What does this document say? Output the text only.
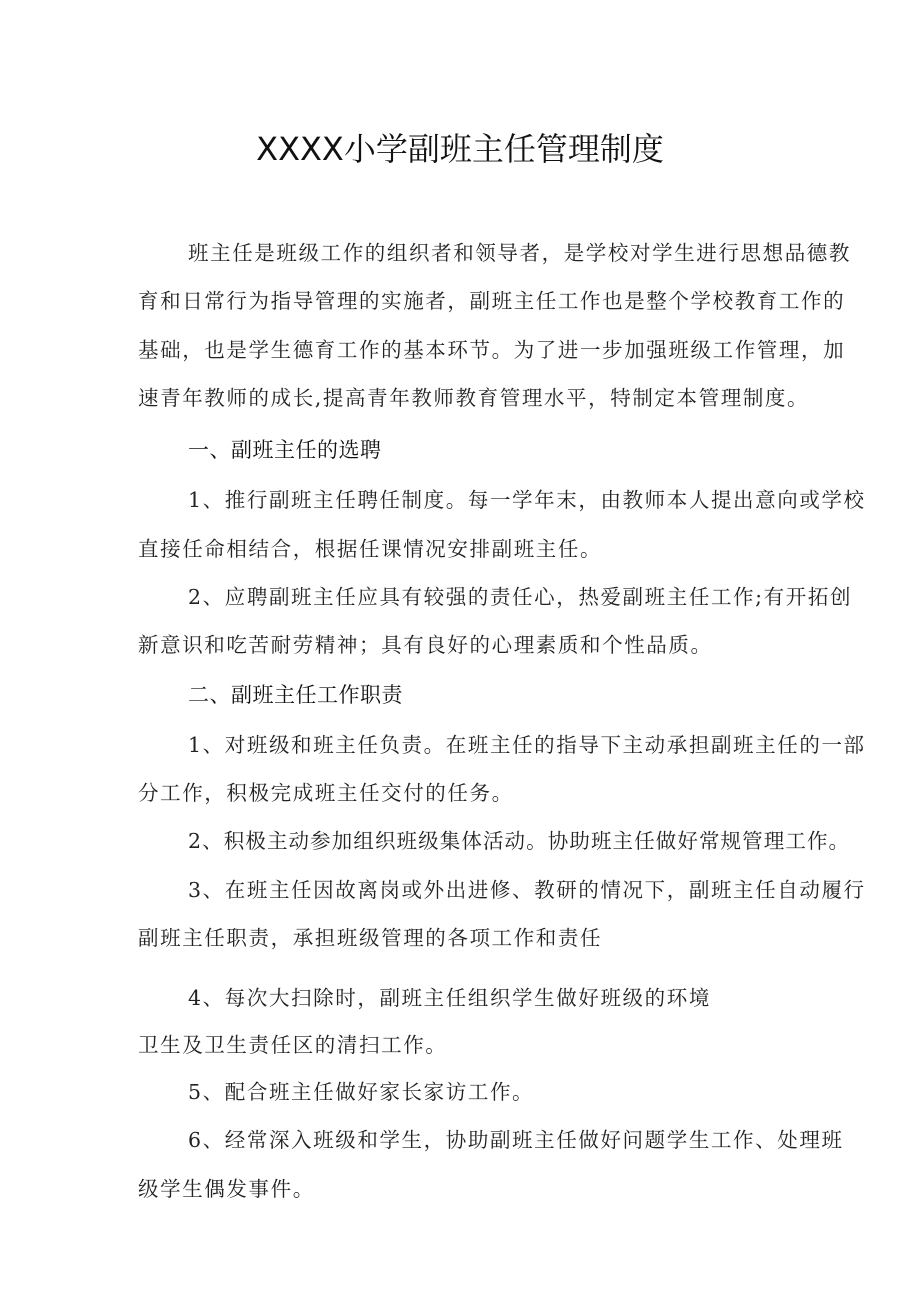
XXXX小学副班主任管理制度
班主任是班级工作的组织者和领导者，是学校对学生进行思想品德教
育和日常行为指导管理的实施者，副班主任工作也是整个学校教育工作的
基础，也是学生德育工作的基本环节。为了进一步加强班级工作管理，加
速青年教师的成长,提高青年教师教育管理水平，特制定本管理制度。
一、副班主任的选聘
1、推行副班主任聘任制度。每一学年末，由教师本人提出意向或学校
直接任命相结合，根据任课情况安排副班主任。
2、应聘副班主任应具有较强的责任心，热爱副班主任工作;有开拓创
新意识和吃苦耐劳精神；具有良好的心理素质和个性品质。
二、副班主任工作职责
1、对班级和班主任负责。在班主任的指导下主动承担副班主任的一部
分工作，积极完成班主任交付的任务。
2、积极主动参加组织班级集体活动。协助班主任做好常规管理工作。
3、在班主任因故离岗或外出进修、教研的情况下，副班主任自动履行
副班主任职责，承担班级管理的各项工作和责任
4、每次大扫除时，副班主任组织学生做好班级的环境
卫生及卫生责任区的清扫工作。
5、配合班主任做好家长家访工作。
6、经常深入班级和学生，协助副班主任做好问题学生工作、处理班
级学生偶发事件。
